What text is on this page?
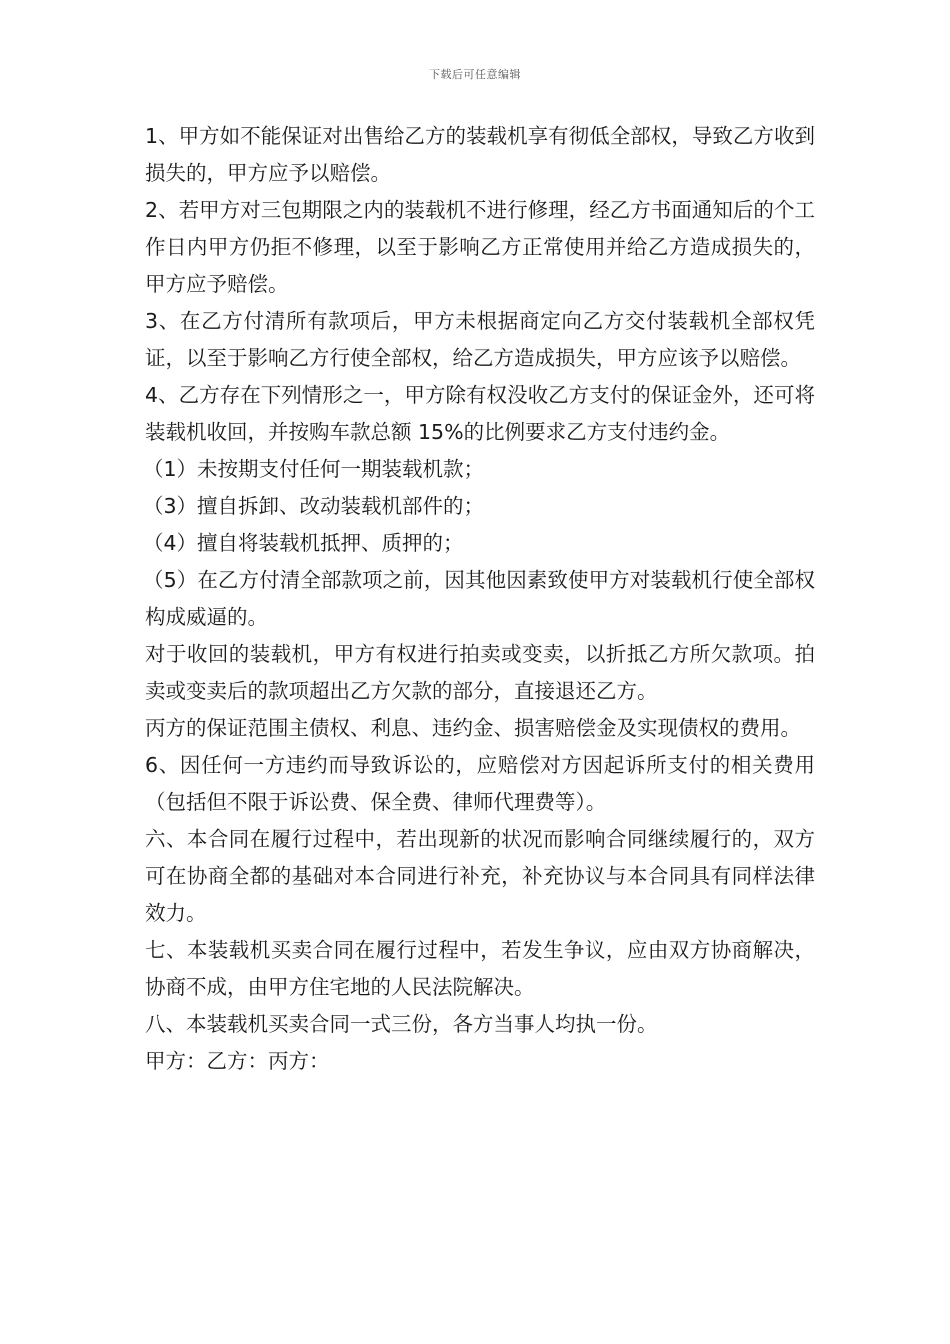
下载后可任意编辑

1、甲方如不能保证对出售给乙方的装载机享有彻低全部权，导致乙方收到损失的，甲方应予以赔偿。

2、若甲方对三包期限之内的装载机不进行修理，经乙方书面通知后的个工作日内甲方仍拒不修理，以至于影响乙方正常使用并给乙方造成损失的，甲方应予赔偿。

3、在乙方付清所有款项后，甲方未根据商定向乙方交付装载机全部权凭证，以至于影响乙方行使全部权，给乙方造成损失，甲方应该予以赔偿。

4、乙方存在下列情形之一，甲方除有权没收乙方支付的保证金外，还可将装载机收回，并按购车款总额 15%的比例要求乙方支付违约金。

（1）未按期支付任何一期装载机款；

（3）擅自拆卸、改动装载机部件的；

（4）擅自将装载机抵押、质押的；

（5）在乙方付清全部款项之前，因其他因素致使甲方对装载机行使全部权构成威逼的。

对于收回的装载机，甲方有权进行拍卖或变卖，以折抵乙方所欠款项。拍卖或变卖后的款项超出乙方欠款的部分，直接退还乙方。

丙方的保证范围主债权、利息、违约金、损害赔偿金及实现债权的费用。

6、因任何一方违约而导致诉讼的，应赔偿对方因起诉所支付的相关费用（包括但不限于诉讼费、保全费、律师代理费等）。

六、本合同在履行过程中，若出现新的状况而影响合同继续履行的，双方可在协商全都的基础对本合同进行补充，补充协议与本合同具有同样法律效力。

七、本装载机买卖合同在履行过程中，若发生争议，应由双方协商解决，协商不成，由甲方住宅地的人民法院解决。

八、本装载机买卖合同一式三份，各方当事人均执一份。

甲方：乙方：丙方：
